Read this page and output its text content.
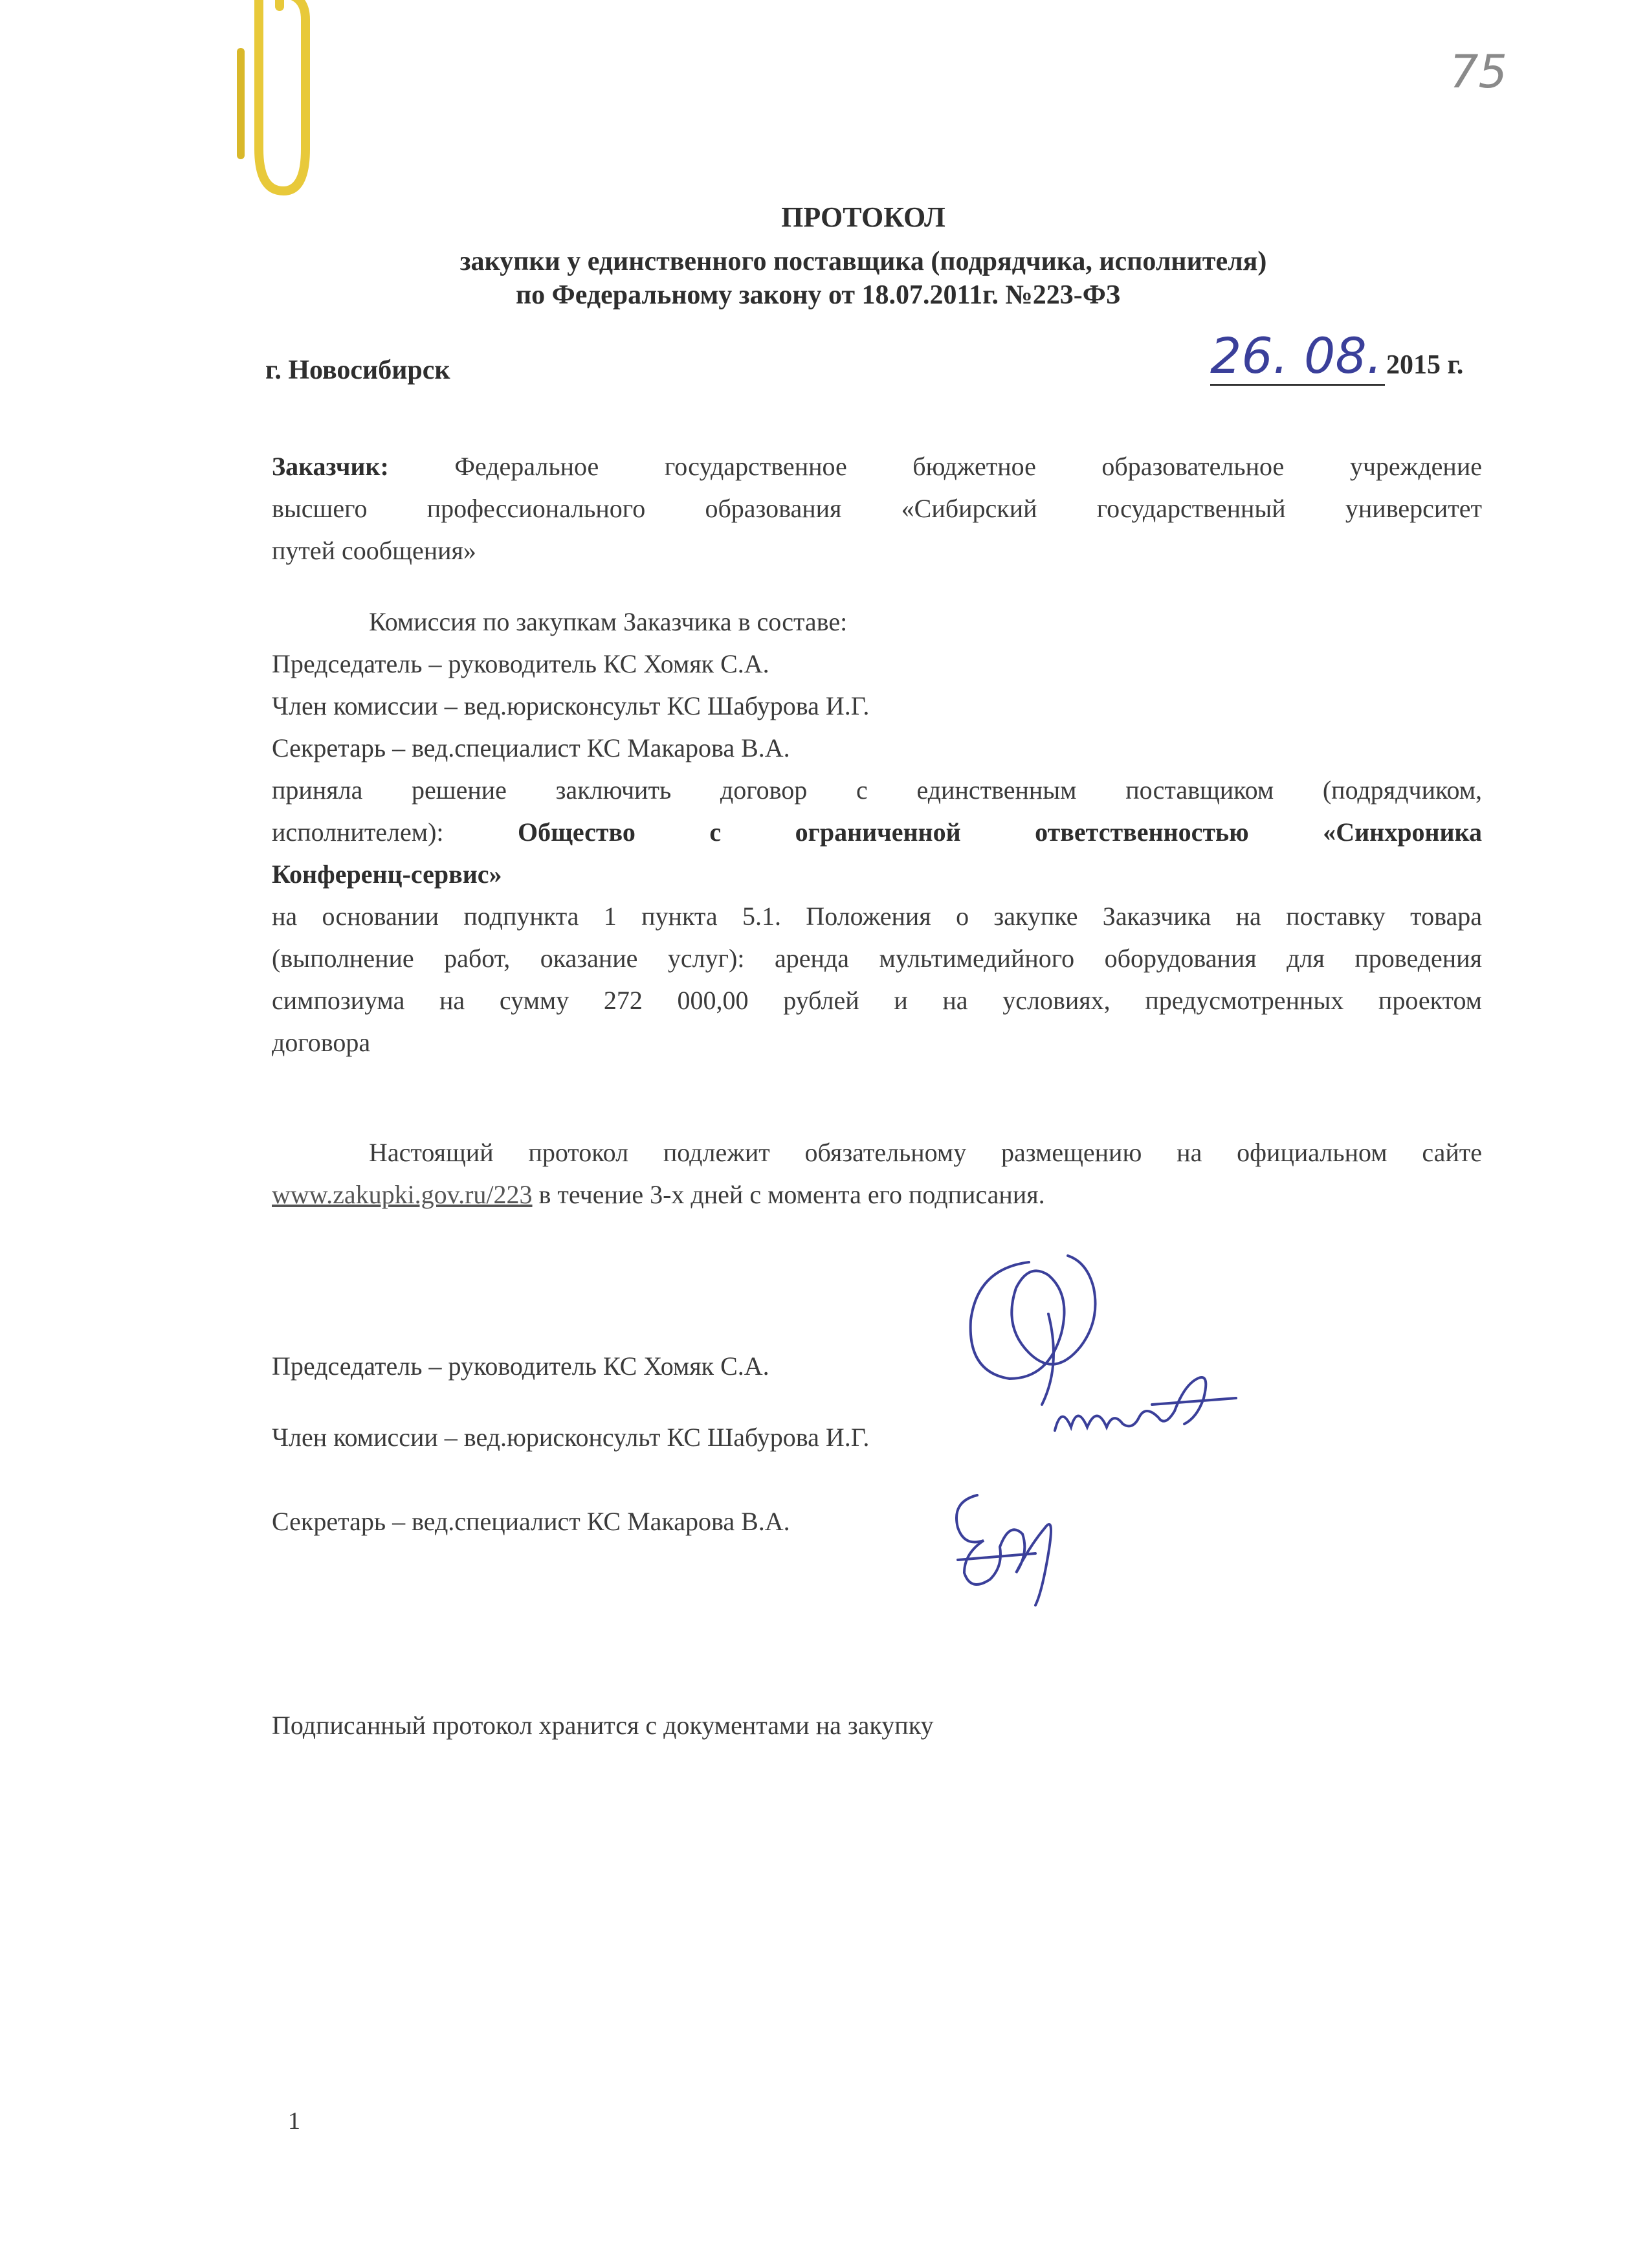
75
ПРОТОКОЛ
закупки у единственного поставщика (подрядчика, исполнителя)
по Федеральному закону от 18.07.2011г. №223-ФЗ
г. Новосибирск	26. 08. 2015 г.
Заказчик:	Федеральное государственное бюджетное образовательное учреждение
высшего профессионального образования «Сибирский государственный университет
путей сообщения»
Комиссия по закупкам Заказчика в составе:
Председатель – руководитель КС Хомяк С.А.
Член комиссии – вед.юрисконсульт КС Шабурова И.Г.
Секретарь – вед.специалист КС Макарова В.А.
приняла решение заключить договор с единственным поставщиком (подрядчиком,
исполнителем):	Общество с ограниченной ответственностью «Синхроника
Конференц-сервис»
на основании подпункта 1 пункта 5.1. Положения о закупке Заказчика на поставку товара
(выполнение работ, оказание услуг): аренда мультимедийного оборудования для проведения
симпозиума на сумму 272 000,00 рублей и на условиях, предусмотренных проектом
договора
Настоящий протокол подлежит обязательному размещению на официальном сайте
www.zakupki.gov.ru/223 в течение 3-х дней с момента его подписания.
Председатель – руководитель КС Хомяк С.А.
Член комиссии – вед.юрисконсульт КС Шабурова И.Г.
Секретарь – вед.специалист КС Макарова В.А.
Подписанный протокол хранится с документами на закупку
1
